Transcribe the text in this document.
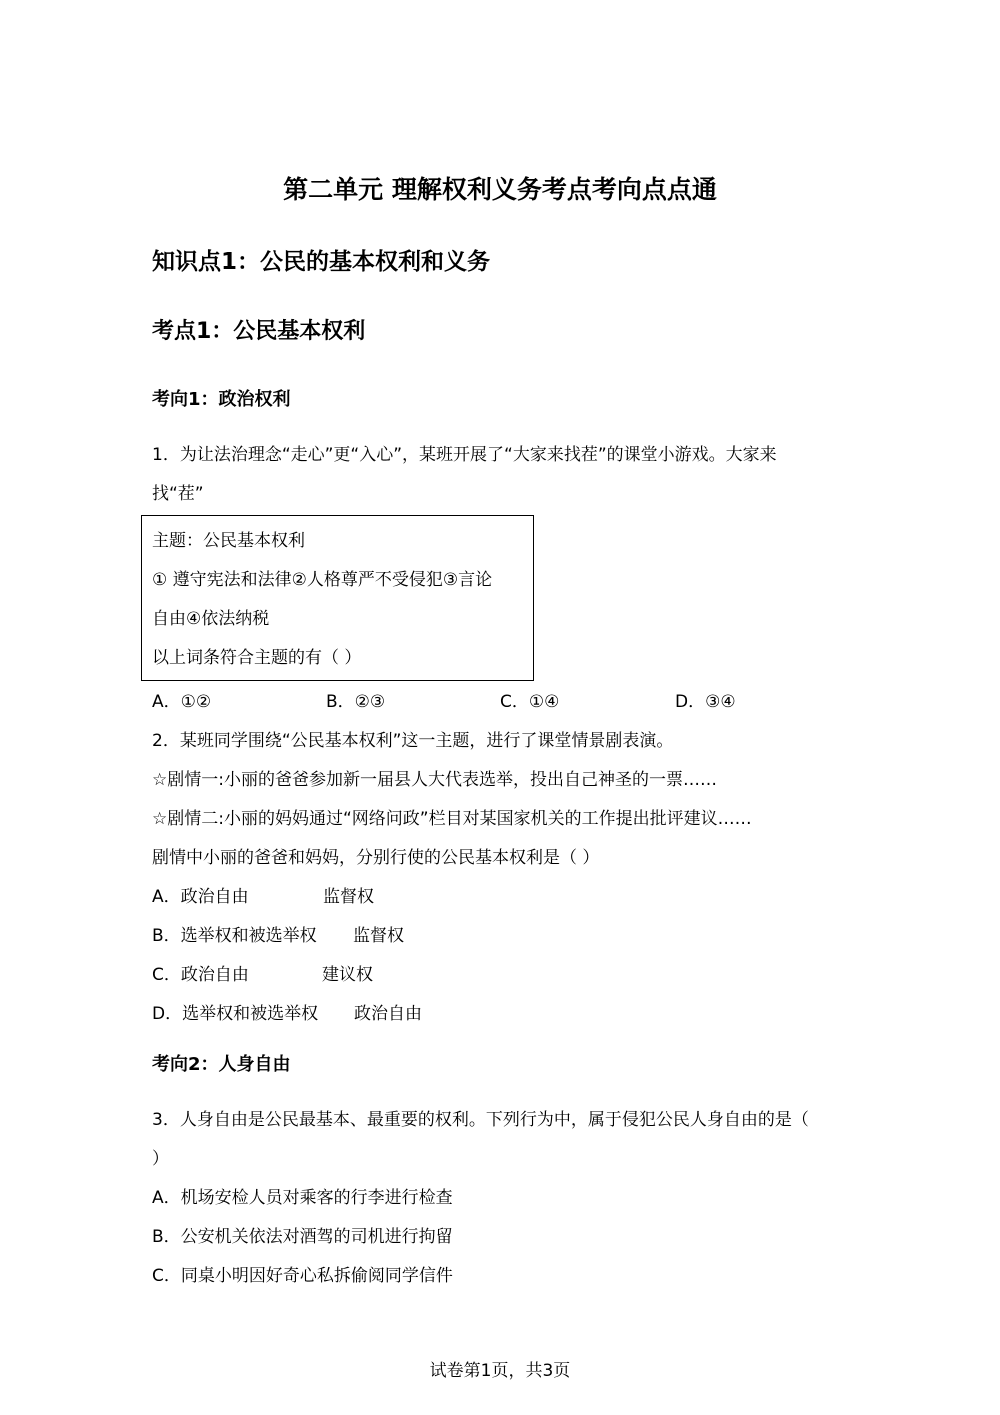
第二单元 理解权利义务考点考向点点通
知识点1：公民的基本权利和义务
考点1：公民基本权利
考向1：政治权利
1．为让法治理念“走心”更“入心”，某班开展了“大家来找茬”的课堂小游戏。大家来
找“茬”
主题：公民基本权利
① 遵守宪法和法律②人格尊严不受侵犯③言论
自由④依法纳税
以上词条符合主题的有（ ）
A．①②	B．②③	C．①④	D．③④
2．某班同学围绕“公民基本权利”这一主题，进行了课堂情景剧表演。
☆剧情一:小丽的爸爸参加新一届县人大代表选举，投出自己神圣的一票……
☆剧情二:小丽的妈妈通过“网络问政”栏目对某国家机关的工作提出批评建议……
剧情中小丽的爸爸和妈妈，分别行使的公民基本权利是（ ）
A．政治自由	监督权
B．选举权和被选举权 监督权
C．政治自由	建议权
D．选举权和被选举权 政治自由
考向2：人身自由
3．人身自由是公民最基本、最重要的权利。下列行为中，属于侵犯公民人身自由的是（
）
A．机场安检人员对乘客的行李进行检查
B．公安机关依法对酒驾的司机进行拘留
C．同桌小明因好奇心私拆偷阅同学信件
试卷第1页，共3页
